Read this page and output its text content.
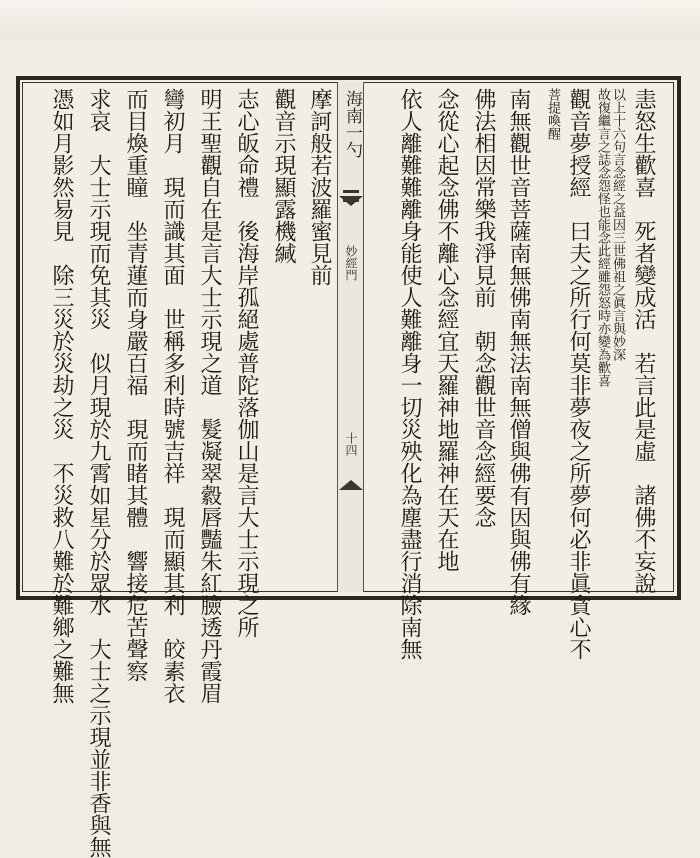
海南一勺
妙經門
十四	恚怒生歡喜　死者變成活　若言此是虛　諸佛不妄說
以上十六句言念經之益因三世佛祖之眞言與妙深
故復繼言之誌念怨怪也能念此經雖怨怒時亦變為歡喜
觀音夢授經　曰夫之所行何莫非夢夜之所夢何必非眞貪心不
菩提喚醒
南無觀世音菩薩南無佛南無法南無僧與佛有因與佛有緣
佛法相因常樂我淨見前　朝念觀世音念經要念
念從心起念佛不離心念經宜天羅神地羅神在天在地
依人離難難離身能使人難離身一切災殃化為塵盡行消除南無
摩訶般若波羅蜜見前
觀音示現顯露機緘
志心皈命禮　後海岸孤絕處普陀落伽山是言大士示現之所
明王聖觀自在是言大士示現之道　髮凝翠縠唇豔朱紅臉透丹霞眉
彎初月　現而識其面　世稱多利時號吉祥　現而顯其利　皎素衣
而目煥重瞳　坐青蓮而身嚴百福　現而睹其體　響接危苦聲察
求哀　大士示現而免其災　似月現於九霄如星分於眾水　大士之示現並非香與無
憑如月影然易見　除三災於災劫之災　不災救八難於難鄉之難無
